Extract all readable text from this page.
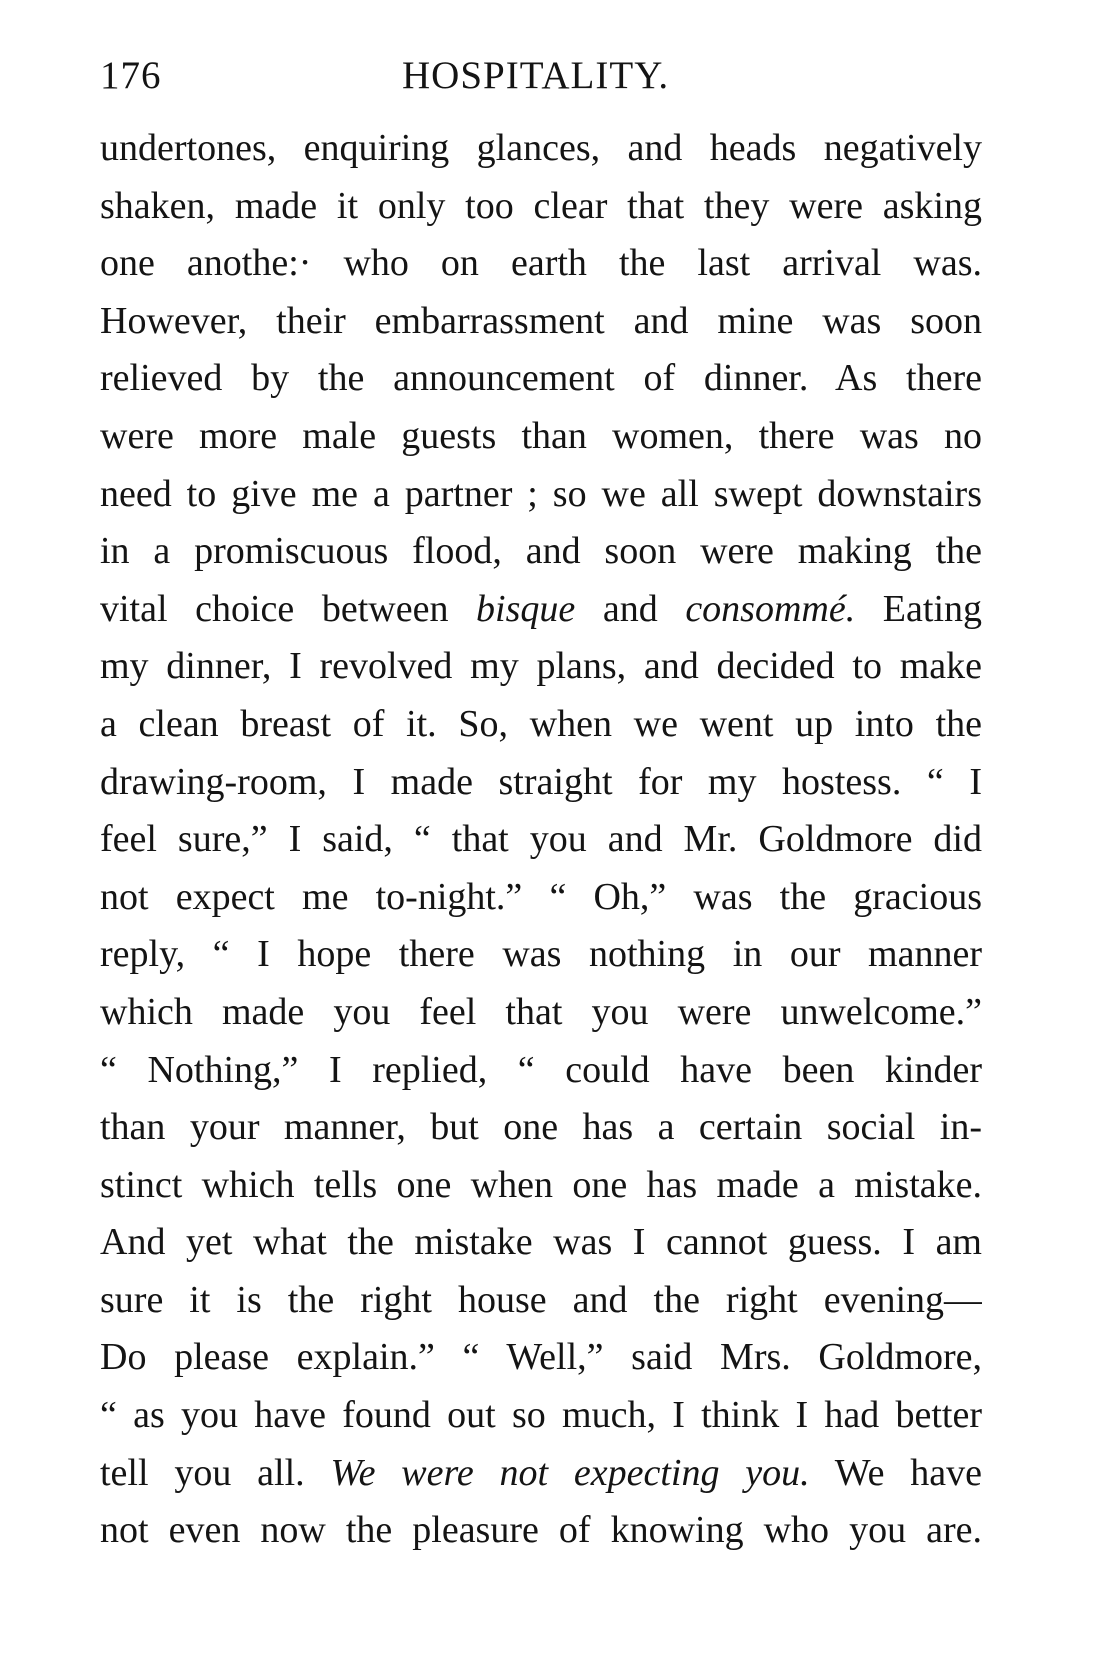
176	HOSPITALITY.
undertones, enquiring glances, and heads negatively
shaken, made it only too clear that they were asking
one anothe:· who on earth the last arrival was.
However, their embarrassment and mine was soon
relieved by the announcement of dinner. As there
were more male guests than women, there was no
need to give me a partner ; so we all swept downstairs
in a promiscuous flood, and soon were making the
vital choice between bisque and consommé. Eating
my dinner, I revolved my plans, and decided to make
a clean breast of it. So, when we went up into the
drawing-room, I made straight for my hostess. “ I
feel sure,” I said, “ that you and Mr. Goldmore did
not expect me to-night.” “ Oh,” was the gracious
reply, “ I hope there was nothing in our manner
which made you feel that you were unwelcome.”
“ Nothing,” I replied, “ could have been kinder
than your manner, but one has a certain social in-
stinct which tells one when one has made a mistake.
And yet what the mistake was I cannot guess. I am
sure it is the right house and the right evening—
Do please explain.” “ Well,” said Mrs. Goldmore,
“ as you have found out so much, I think I had better
tell you all. We were not expecting you. We have
not even now the pleasure of knowing who you are.
